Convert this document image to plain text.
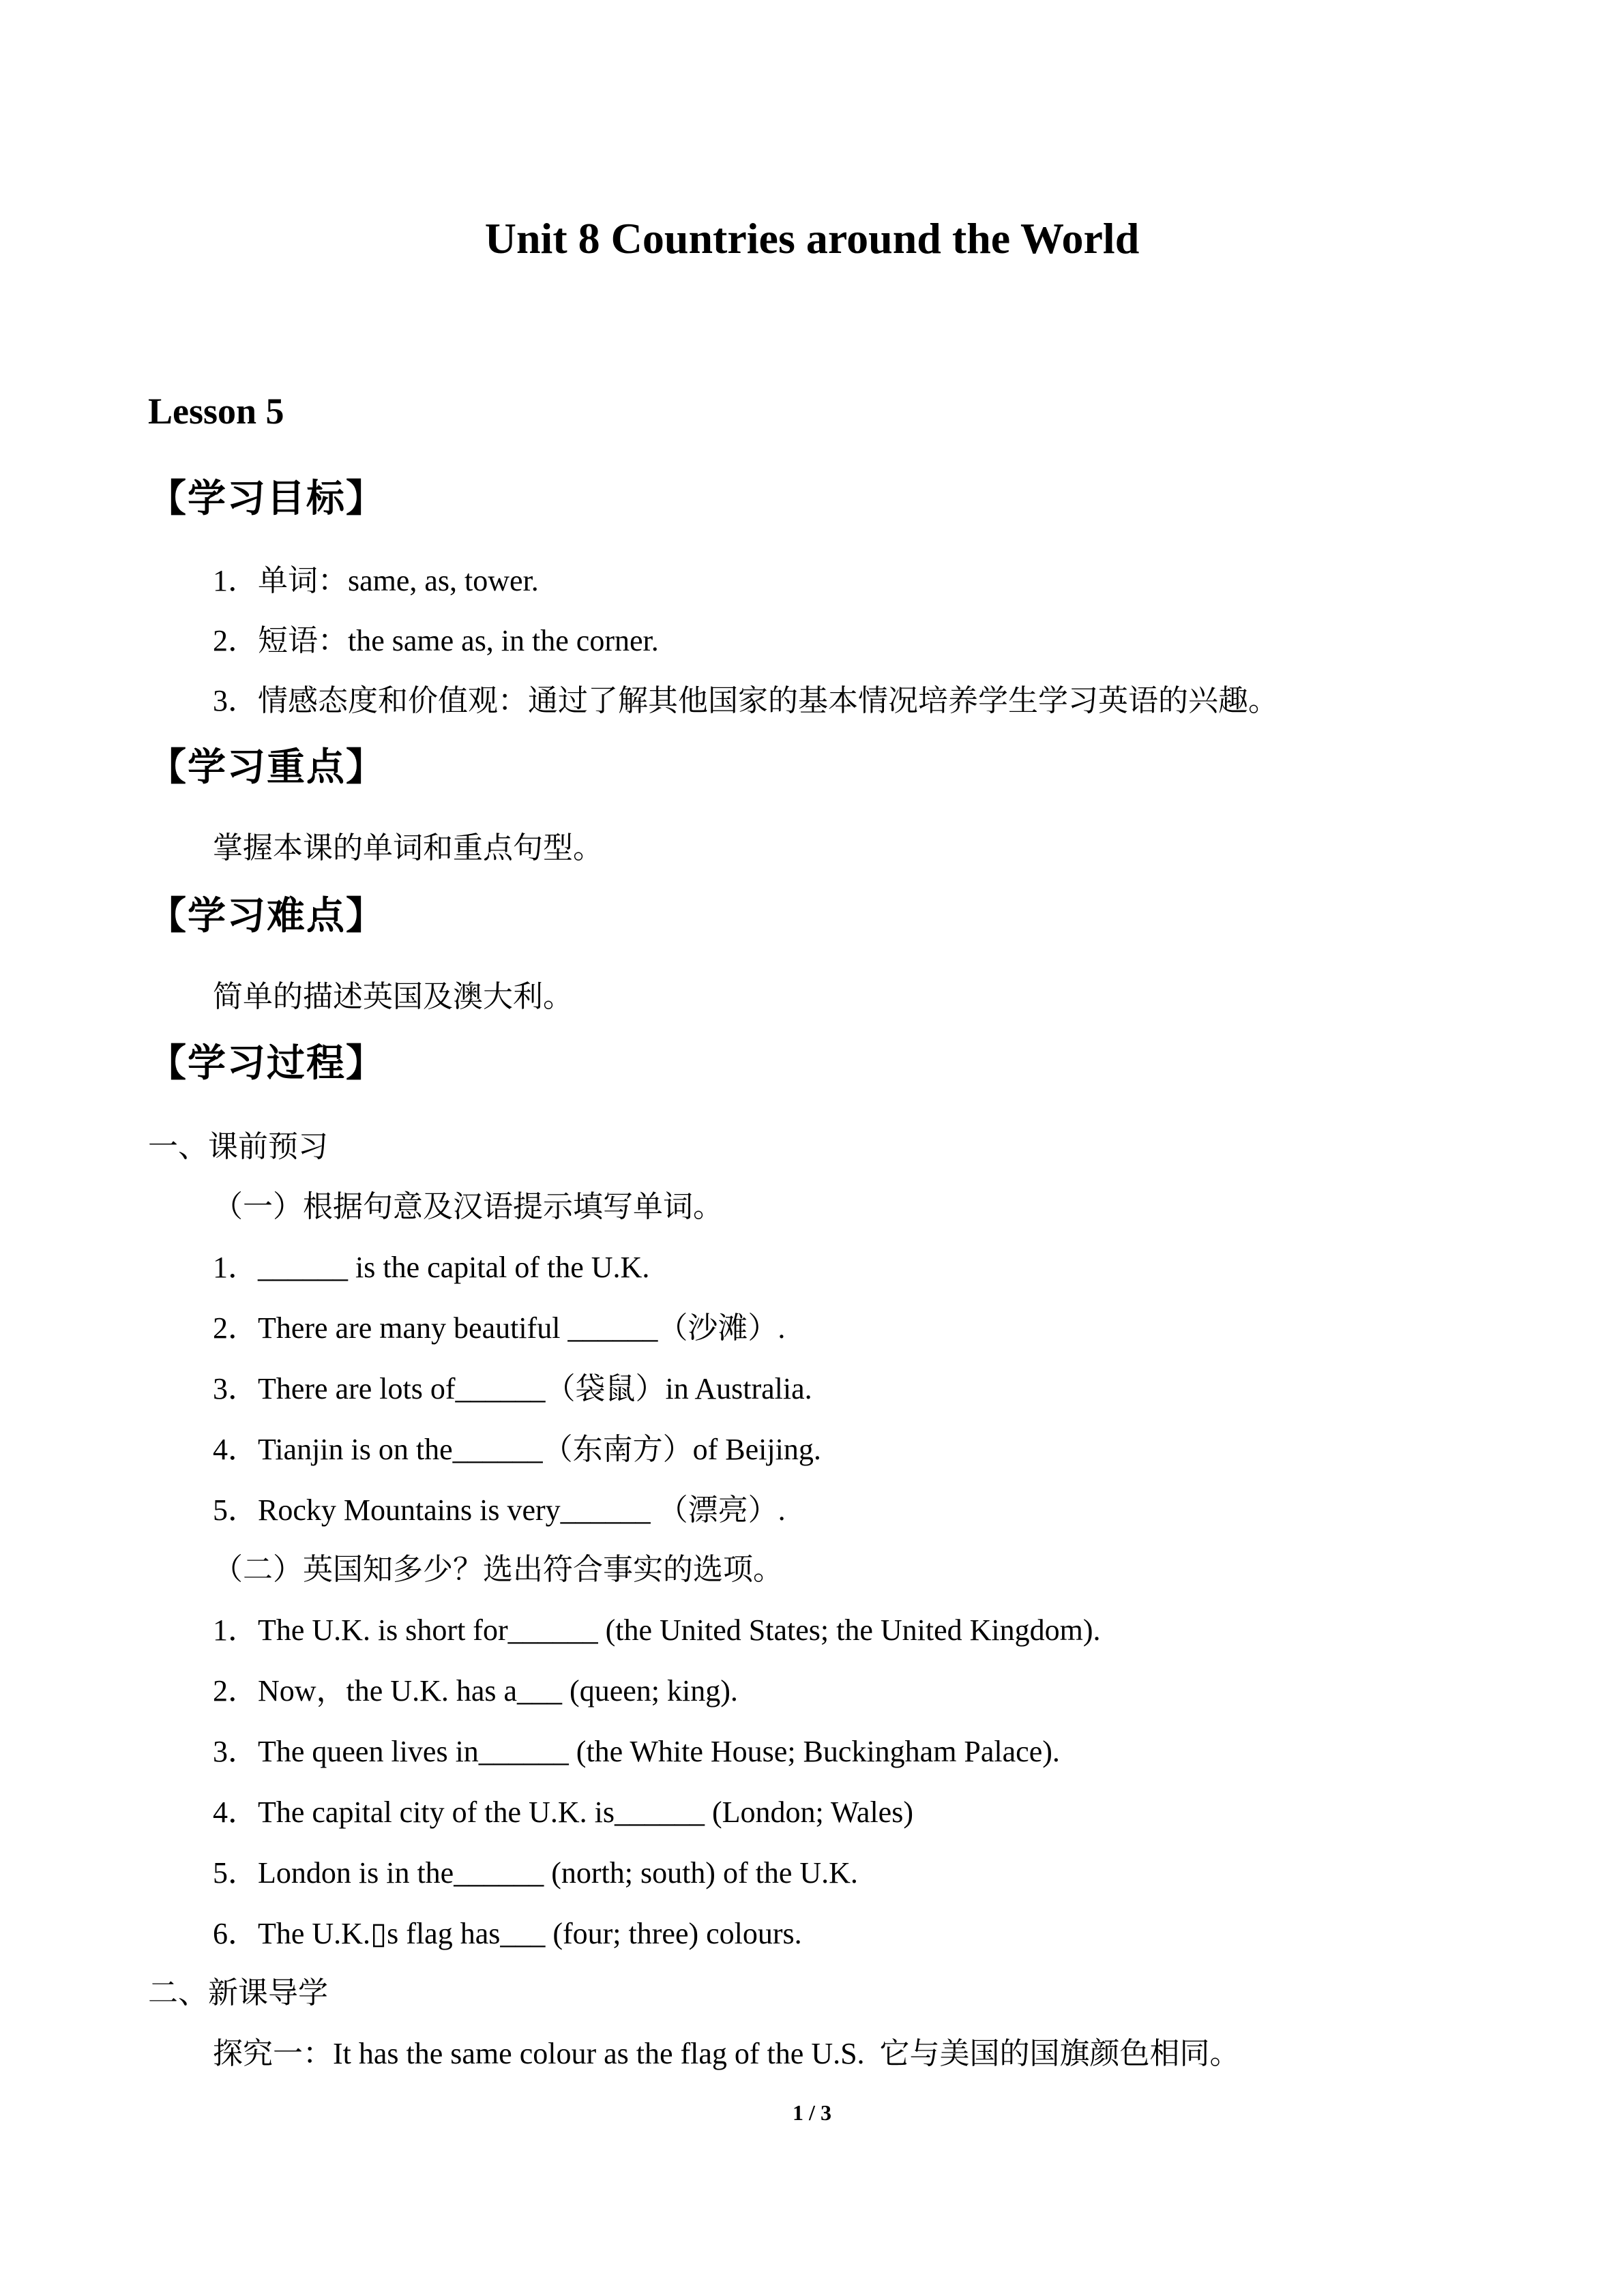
Unit 8 Countries around the World
Lesson 5
【学习目标】

1．单词：same, as, tower.

2．短语：the same as, in the corner.

3．情感态度和价值观：通过了解其他国家的基本情况培养学生学习英语的兴趣。

【学习重点】

掌握本课的单词和重点句型。

【学习难点】

简单的描述英国及澳大利。

【学习过程】

一、课前预习

（一）根据句意及汉语提示填写单词。

1．______ is the capital of the U.K.

2．There are many beautiful ______（沙滩）.

3．There are lots of______（袋鼠）in Australia.

4．Tianjin is on the______（东南方）of Beijing.

5．Rocky Mountains is very______ （漂亮）.

（二）英国知多少？选出符合事实的选项。

1．The U.K. is short for______ (the United States; the United Kingdom).

2．Now，the U.K. has a___ (queen; king).

3．The queen lives in______ (the White House; Buckingham Palace).

4．The capital city of the U.K. is______ (London; Wales)

5．London is in the______ (north; south) of the U.K.

6．The U.K.▯s flag has___ (four; three) colours.

二、新课导学

探究一：It has the same colour as the flag of the U.S.  它与美国的国旗颜色相同。

1 / 3
